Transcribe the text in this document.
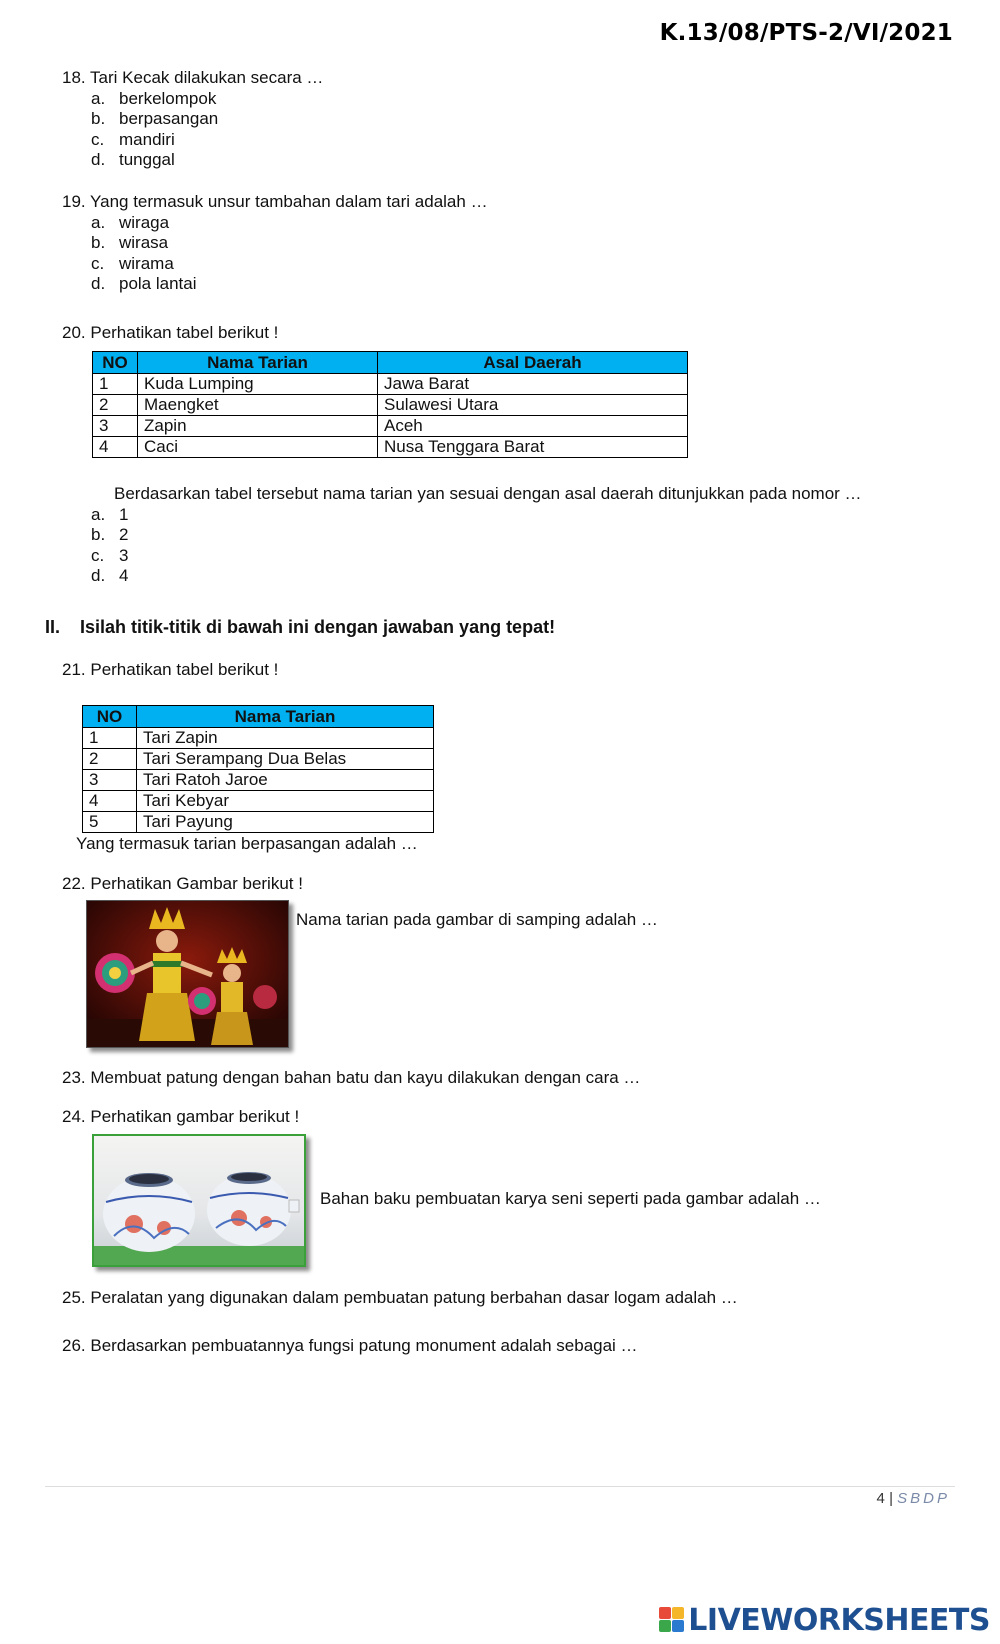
K.13/08/PTS-2/VI/2021
18. Tari Kecak dilakukan secara …
a. berkelompok
b. berpasangan
c. mandiri
d. tunggal
19. Yang termasuk unsur tambahan dalam tari adalah …
a. wiraga
b. wirasa
c. wirama
d. pola lantai
20. Perhatikan tabel berikut !
NO	Nama Tarian	Asal Daerah
1	Kuda Lumping	Jawa Barat
2	Maengket	Sulawesi Utara
3	Zapin	Aceh
4	Caci	Nusa Tenggara Barat
Berdasarkan tabel tersebut nama tarian yan sesuai dengan asal daerah ditunjukkan pada nomor …
a. 1
b. 2
c. 3
d. 4
II. Isilah titik-titik di bawah ini dengan jawaban yang tepat!
21. Perhatikan tabel berikut !
NO	Nama Tarian
1	Tari Zapin
2	Tari Serampang Dua Belas
3	Tari Ratoh Jaroe
4	Tari Kebyar
5	Tari Payung
Yang termasuk tarian berpasangan adalah …
22. Perhatikan Gambar berikut !
Nama tarian pada gambar di samping adalah …
23. Membuat patung dengan bahan batu dan kayu dilakukan dengan cara …
24. Perhatikan gambar berikut !
Bahan baku pembuatan karya seni seperti pada gambar adalah …
25. Peralatan yang digunakan dalam pembuatan patung berbahan dasar logam adalah …
26. Berdasarkan pembuatannya fungsi patung monument adalah sebagai …
4 | SBDP
LIVEWORKSHEETS
